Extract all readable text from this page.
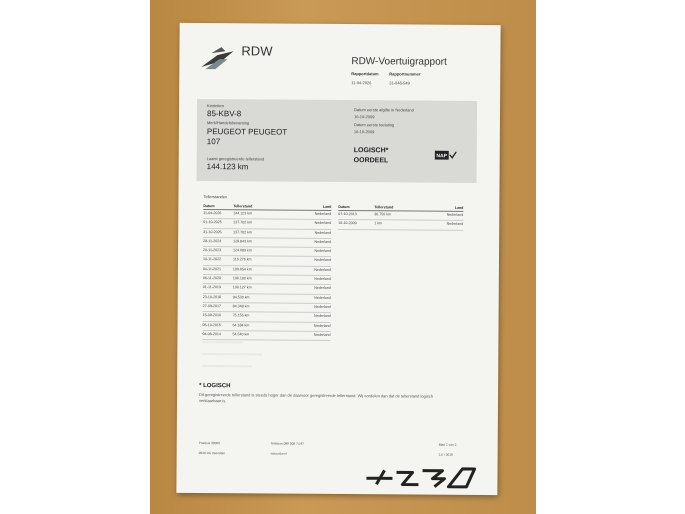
RDW
RDW-Voertuigrapport
Rapportdatum	Rapportnummer
11-04-2026	31-048-549
Kenteken
85-KBV-8
Merk/Handelsbenaming
PEUGEOT PEUGEOT
107
Laatst geregistreerde tellerstand
144.123 km
Datum eerste afgifte in Nederland
16-10-2009
Datum eerste toelating
16-10-2009
LOGISCH*
OORDEEL
NAP
Tellerstanden
Datum	Tellerstand	Land
11-04-2026	144.123 km	Nederland
01-10-2025	137.702 km	Nederland
31-10-2025	137.702 km	Nederland
28-11-2024	128.843 km	Nederland
20-11-2023	124.089 km	Nederland
10-11-2022	116.276 km	Nederland
04-11-2021	109.654 km	Nederland
06-11-2020	106.100 km	Nederland
01-11-2019	100.127 km	Nederland
23-10-2018	94.530 km	Nederland
27-09-2017	84.348 km	Nederland
15-09-2016	75.155 km	Nederland
06-10-2015	64.184 km	Nederland
04-08-2014	54.540 km	Nederland
Datum	Tellerstand	Land
07-10-2013	36.750 km	Nederland
16-10-2009	1 km	Nederland
* LOGISCH
Dit geregistreerde tellerstand is steeds hoger dan de daarvoor geregistreerde tellerstand. Wij oordelen dan dat de tellerstand logisch verklaarbaar is.
Postbus 30000
9640 RA Veendam
Telefoon 088 008 74 87
www.rdw.nl
Blad 1 van 2
2.0 / 0018
